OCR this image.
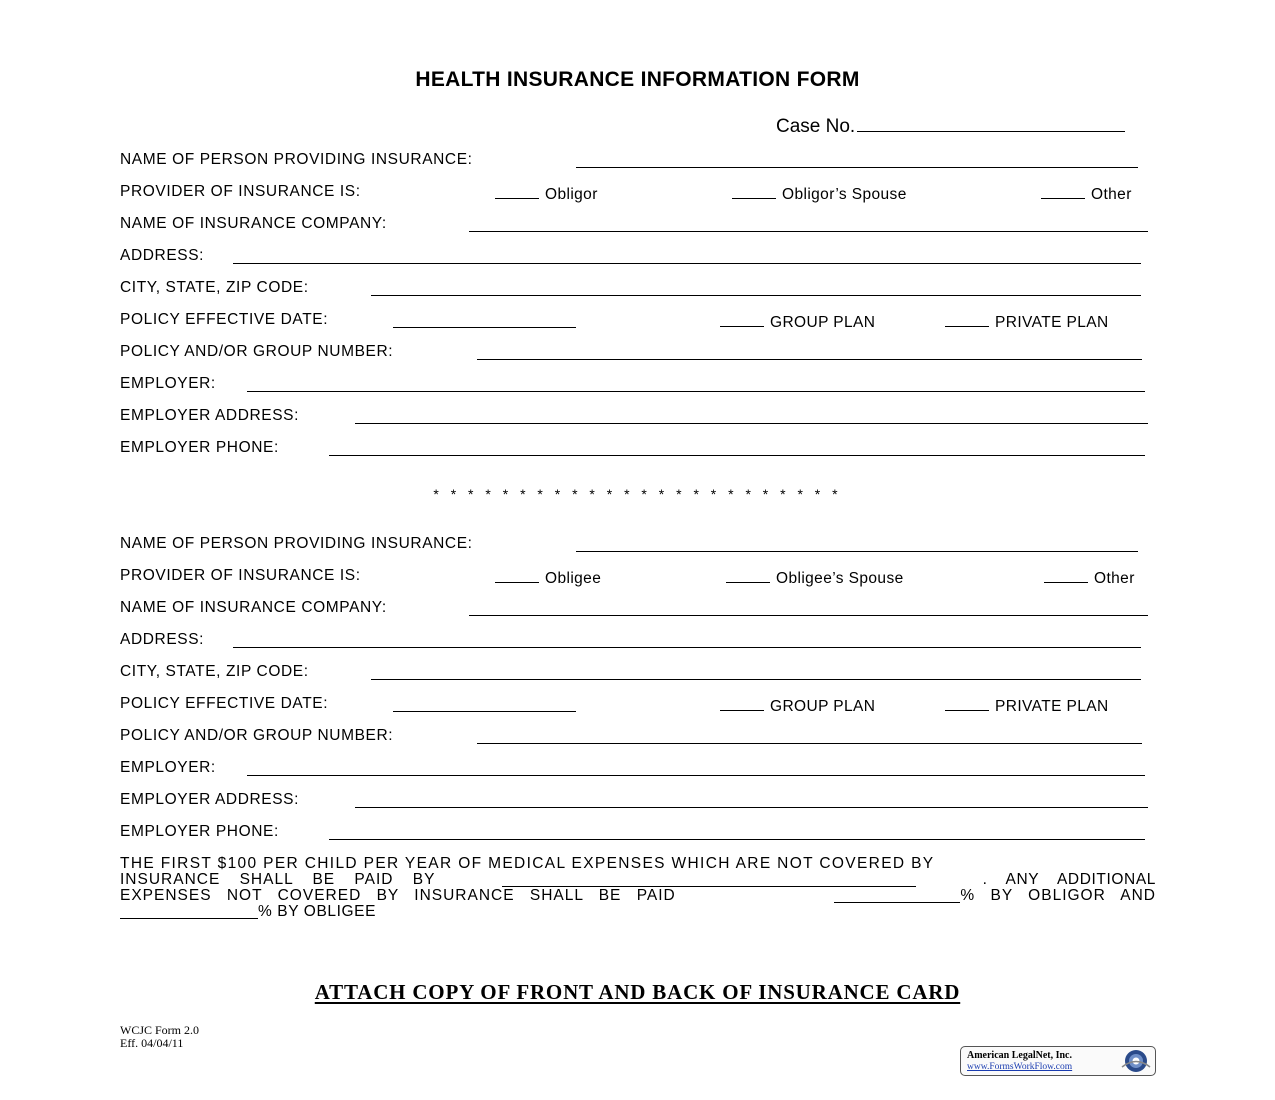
HEALTH INSURANCE INFORMATION FORM
Case No.
NAME OF PERSON PROVIDING INSURANCE:
PROVIDER OF INSURANCE IS:	Obligor	Obligor’s Spouse	Other
NAME OF INSURANCE COMPANY:
ADDRESS:
CITY, STATE, ZIP CODE:
POLICY EFFECTIVE DATE:	GROUP PLAN	PRIVATE PLAN
POLICY AND/OR GROUP NUMBER:
EMPLOYER:
EMPLOYER ADDRESS:
EMPLOYER PHONE:
* * * * * * * * * * * * * * * * * * * * * * * *
NAME OF PERSON PROVIDING INSURANCE:
PROVIDER OF INSURANCE IS:	Obligee	Obligee’s Spouse	Other
NAME OF INSURANCE COMPANY:
ADDRESS:
CITY, STATE, ZIP CODE:
POLICY EFFECTIVE DATE:	GROUP PLAN	PRIVATE PLAN
POLICY AND/OR GROUP NUMBER:
EMPLOYER:
EMPLOYER ADDRESS:
EMPLOYER PHONE:
THE FIRST $100 PER CHILD PER YEAR OF MEDICAL EXPENSES WHICH ARE NOT COVERED BY
INSURANCE SHALL BE PAID BY	. ANY ADDITIONAL
EXPENSES NOT COVERED BY INSURANCE SHALL BE PAID	% BY OBLIGOR AND
% BY OBLIGEE
ATTACH COPY OF FRONT AND BACK OF INSURANCE CARD
WCJC Form 2.0
Eff. 04/04/11
American LegalNet, Inc.
www.FormsWorkFlow.com
